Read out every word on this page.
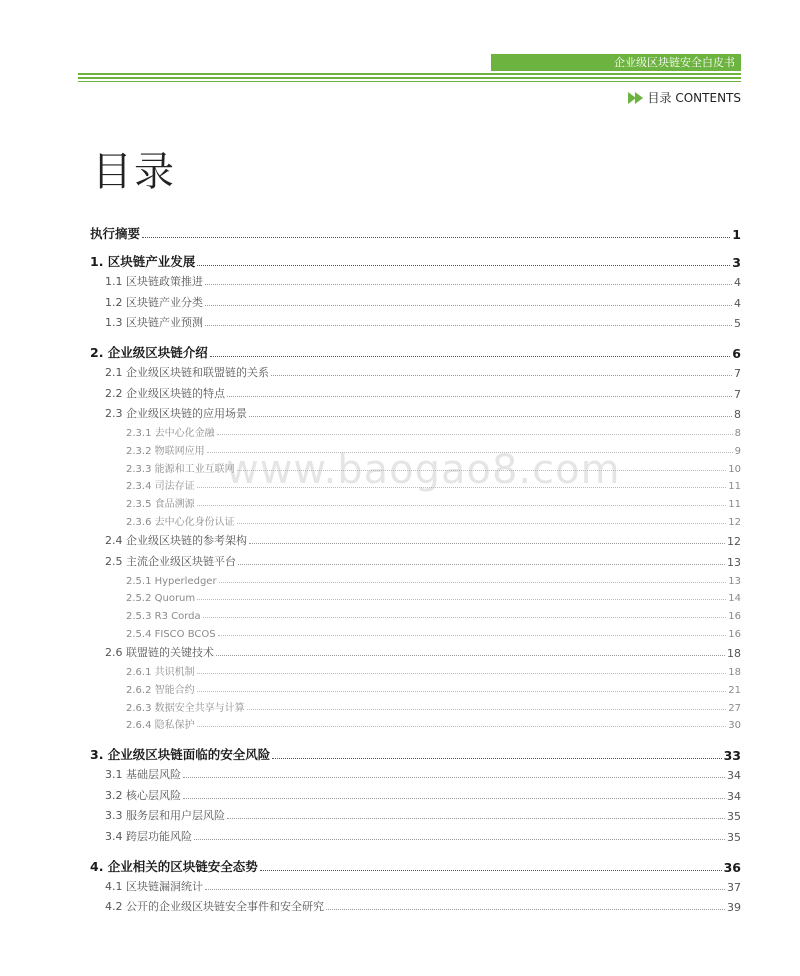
企业级区块链安全白皮书
目录 CONTENTS
目录
执行摘要	1
1. 区块链产业发展	3
1.1 区块链政策推进	4
1.2 区块链产业分类	4
1.3 区块链产业预测	5
2. 企业级区块链介绍	6
2.1 企业级区块链和联盟链的关系	7
2.2 企业级区块链的特点	7
2.3 企业级区块链的应用场景	8
2.3.1 去中心化金融	8
2.3.2 物联网应用	9
2.3.3 能源和工业互联网	10
2.3.4 司法存证	11
2.3.5 食品溯源	11
2.3.6 去中心化身份认证	12
2.4 企业级区块链的参考架构	12
2.5 主流企业级区块链平台	13
2.5.1 Hyperledger	13
2.5.2 Quorum	14
2.5.3 R3 Corda	16
2.5.4 FISCO BCOS	16
2.6 联盟链的关键技术	18
2.6.1 共识机制	18
2.6.2 智能合约	21
2.6.3 数据安全共享与计算	27
2.6.4 隐私保护	30
3. 企业级区块链面临的安全风险	33
3.1 基础层风险	34
3.2 核心层风险	34
3.3 服务层和用户层风险	35
3.4 跨层功能风险	35
4. 企业相关的区块链安全态势	36
4.1 区块链漏洞统计	37
4.2 公开的企业级区块链安全事件和安全研究	39
www.baogao8.com
